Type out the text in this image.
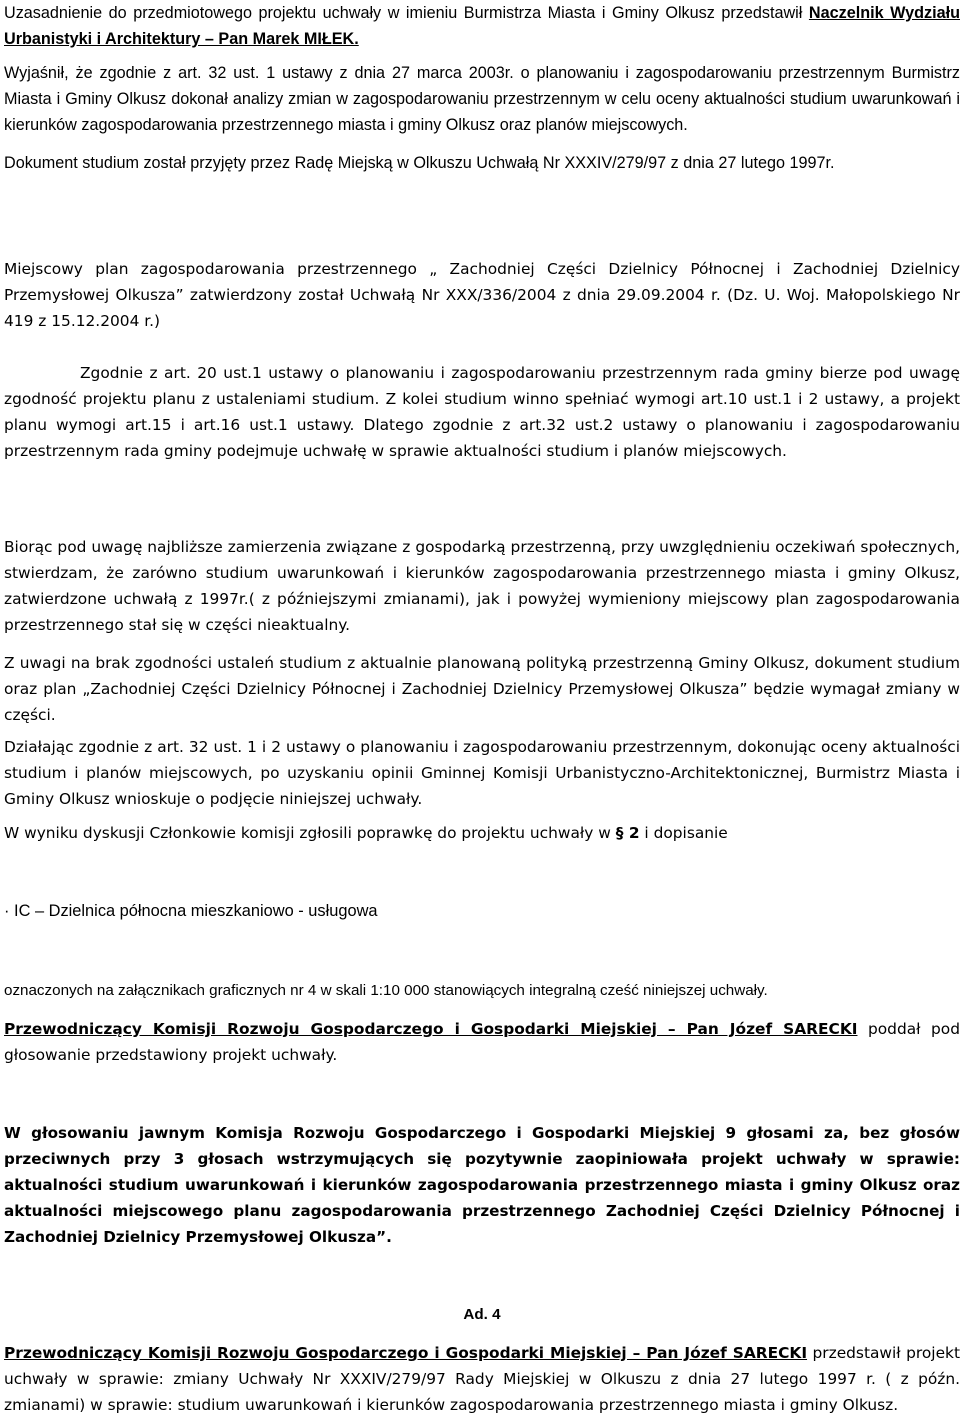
Uzasadnienie do przedmiotowego projektu uchwały w imieniu Burmistrza Miasta i Gminy Olkusz przedstawił Naczelnik Wydziału Urbanistyki i Architektury – Pan Marek MIŁEK.

Wyjaśnił, że zgodnie z art. 32 ust. 1 ustawy z dnia 27 marca 2003r. o planowaniu i zagospodarowaniu przestrzennym Burmistrz Miasta i Gminy Olkusz dokonał analizy zmian w zagospodarowaniu przestrzennym w celu oceny aktualności studium uwarunkowań i kierunków zagospodarowania przestrzennego miasta i gminy Olkusz oraz planów miejscowych.

Dokument studium został przyjęty przez Radę Miejską w Olkuszu Uchwałą Nr XXXIV/279/97 z dnia 27 lutego 1997r.

Miejscowy plan zagospodarowania przestrzennego „ Zachodniej Części Dzielnicy Północnej i Zachodniej Dzielnicy Przemysłowej Olkusza” zatwierdzony został Uchwałą Nr XXX/336/2004 z dnia 29.09.2004 r. (Dz. U. Woj. Małopolskiego Nr 419 z 15.12.2004 r.)

Zgodnie z art. 20 ust.1 ustawy o planowaniu i zagospodarowaniu przestrzennym rada gminy bierze pod uwagę zgodność projektu planu z ustaleniami studium. Z kolei studium winno spełniać wymogi art.10 ust.1 i 2 ustawy, a projekt planu wymogi art.15 i art.16 ust.1 ustawy. Dlatego zgodnie z art.32 ust.2 ustawy o planowaniu i zagospodarowaniu przestrzennym rada gminy podejmuje uchwałę w sprawie aktualności studium i planów miejscowych.

Biorąc pod uwagę najbliższe zamierzenia związane z gospodarką przestrzenną, przy uwzględnieniu oczekiwań społecznych, stwierdzam, że zarówno studium uwarunkowań i kierunków zagospodarowania przestrzennego miasta i gminy Olkusz, zatwierdzone uchwałą z 1997r.( z późniejszymi zmianami), jak i powyżej wymieniony miejscowy plan zagospodarowania przestrzennego stał się w części nieaktualny.

Z uwagi na brak zgodności ustaleń studium z aktualnie planowaną polityką przestrzenną Gminy Olkusz, dokument studium oraz plan „Zachodniej Części Dzielnicy Północnej i Zachodniej Dzielnicy Przemysłowej Olkusza” będzie wymagał zmiany w części.

Działając zgodnie z art. 32 ust. 1 i 2 ustawy o planowaniu i zagospodarowaniu przestrzennym, dokonując oceny aktualności studium i planów miejscowych, po uzyskaniu opinii Gminnej Komisji Urbanistyczno-Architektonicznej, Burmistrz Miasta i Gminy Olkusz wnioskuje o podjęcie niniejszej uchwały.

W wyniku dyskusji Członkowie komisji zgłosili poprawkę do projektu uchwały w § 2 i dopisanie

· IC – Dzielnica północna mieszkaniowo - usługowa

oznaczonych na załącznikach graficznych nr 4 w skali 1:10 000 stanowiących integralną cześć niniejszej uchwały.

Przewodniczący Komisji Rozwoju Gospodarczego i Gospodarki Miejskiej – Pan Józef SARECKI poddał pod głosowanie przedstawiony projekt uchwały.

W głosowaniu jawnym Komisja Rozwoju Gospodarczego i Gospodarki Miejskiej 9 głosami za, bez głosów przeciwnych przy 3 głosach wstrzymujących się pozytywnie zaopiniowała projekt uchwały w sprawie: aktualności studium uwarunkowań i kierunków zagospodarowania przestrzennego miasta i gminy Olkusz oraz aktualności miejscowego planu zagospodarowania przestrzennego Zachodniej Części Dzielnicy Północnej i Zachodniej Dzielnicy Przemysłowej Olkusza”.

Ad. 4

Przewodniczący Komisji Rozwoju Gospodarczego i Gospodarki Miejskiej – Pan Józef SARECKI przedstawił projekt uchwały w sprawie: zmiany Uchwały Nr XXXIV/279/97 Rady Miejskiej w Olkuszu z dnia 27 lutego 1997 r. ( z późn. zmianami) w sprawie: studium uwarunkowań i kierunków zagospodarowania przestrzennego miasta i gminy Olkusz.
